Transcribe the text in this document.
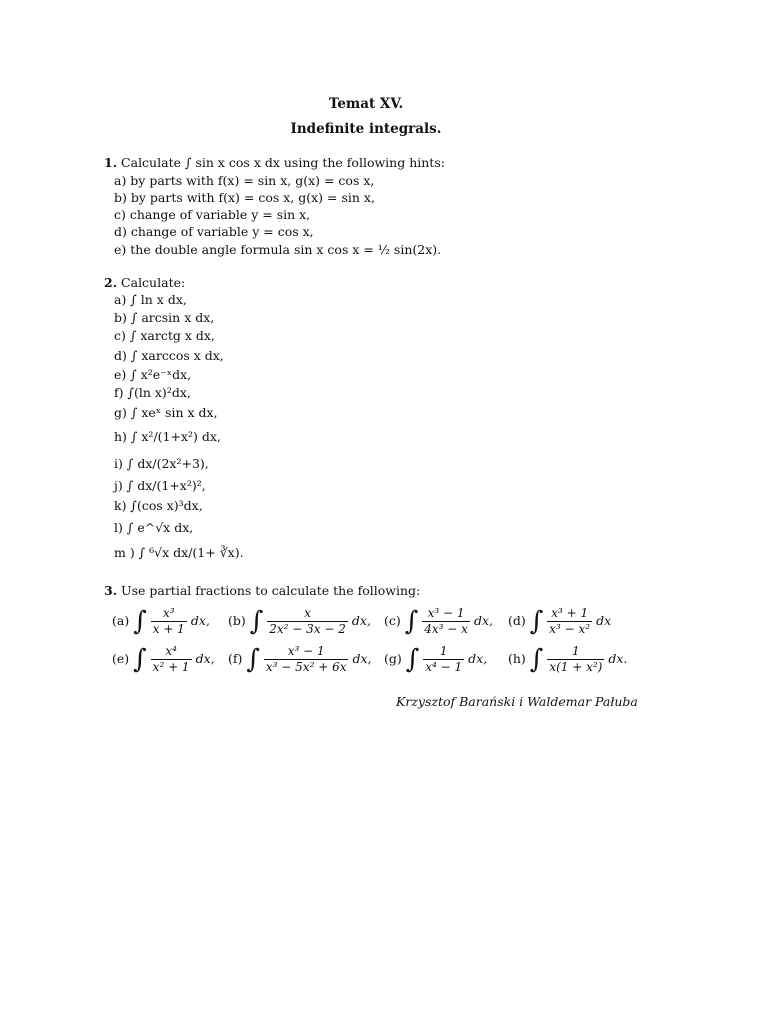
Temat XV.
Indefinite integrals.
1. Calculate ∫ sin x cos x dx using the following hints:
a) by parts with f(x) = sin x, g(x) = cos x,
b) by parts with f(x) = cos x, g(x) = sin x,
c) change of variable y = sin x,
d) change of variable y = cos x,
e) the double angle formula sin x cos x = ½ sin(2x).
2. Calculate:
a) ∫ ln x dx,
b) ∫ arcsin x dx,
c) ∫ xarctg x dx,
d) ∫ xarccos x dx,
e) ∫ x²e⁻ˣdx,
f) ∫(ln x)²dx,
g) ∫ xeˣ sin x dx,
h) ∫ x²/(1+x²) dx,
i) ∫ dx/(2x²+3),
j) ∫ dx/(1+x²)²,
k) ∫(cos x)³dx,
l) ∫ e^√x dx,
m ) ∫ ⁶√x dx/(1+ ∛x).
3. Use partial fractions to calculate the following:
(a) ∫ $\frac{\text{x³}}{x + 1}$ dx, (b) ∫ $\frac{x}{\text{2x² − 3x − 2}}$ dx, (c) ∫ $\frac{\text{x³ − 1}}{\text{4x³ − x}}$ dx, (d) ∫ $\frac{\text{x³ + 1}}{\text{x³ − x²}}$ dx
(e) ∫ $\frac{\text{x⁴}}{\text{x² + 1}}$ dx, (f) ∫ $\frac{\text{x³ − 1}}{\text{x³ − 5x² + 6x}}$ dx, (g) ∫ $\frac{1}{\text{x⁴ − 1}}$ dx, (h) ∫ $\frac{1}{\text{x(1 + x²)}}$ dx.
Krzysztof Barański i Waldemar Pałuba
